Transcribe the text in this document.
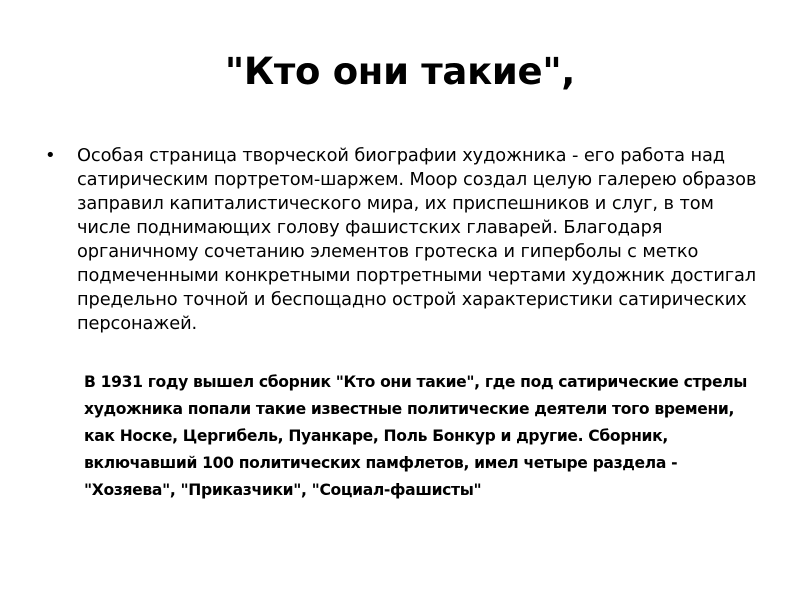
"Кто они такие",
• Особая страница творческой биографии художника - его работа над сатирическим портретом-шаржем. Моор создал целую галерею образов заправил капиталистического мира, их приспешников и слуг, в том числе поднимающих голову фашистских главарей. Благодаря органичному сочетанию элементов гротеска и гиперболы с метко подмеченными конкретными портретными чертами художник достигал предельно точной и беспощадно острой характеристики сатирических персонажей.
В 1931 году вышел сборник "Кто они такие", где под сатирические стрелы художника попали такие известные политические деятели того времени, как Носке, Цергибель, Пуанкаре, Поль Бонкур и другие. Сборник, включавший 100 политических памфлетов, имел четыре раздела - "Хозяева", "Приказчики", "Социал-фашисты"
